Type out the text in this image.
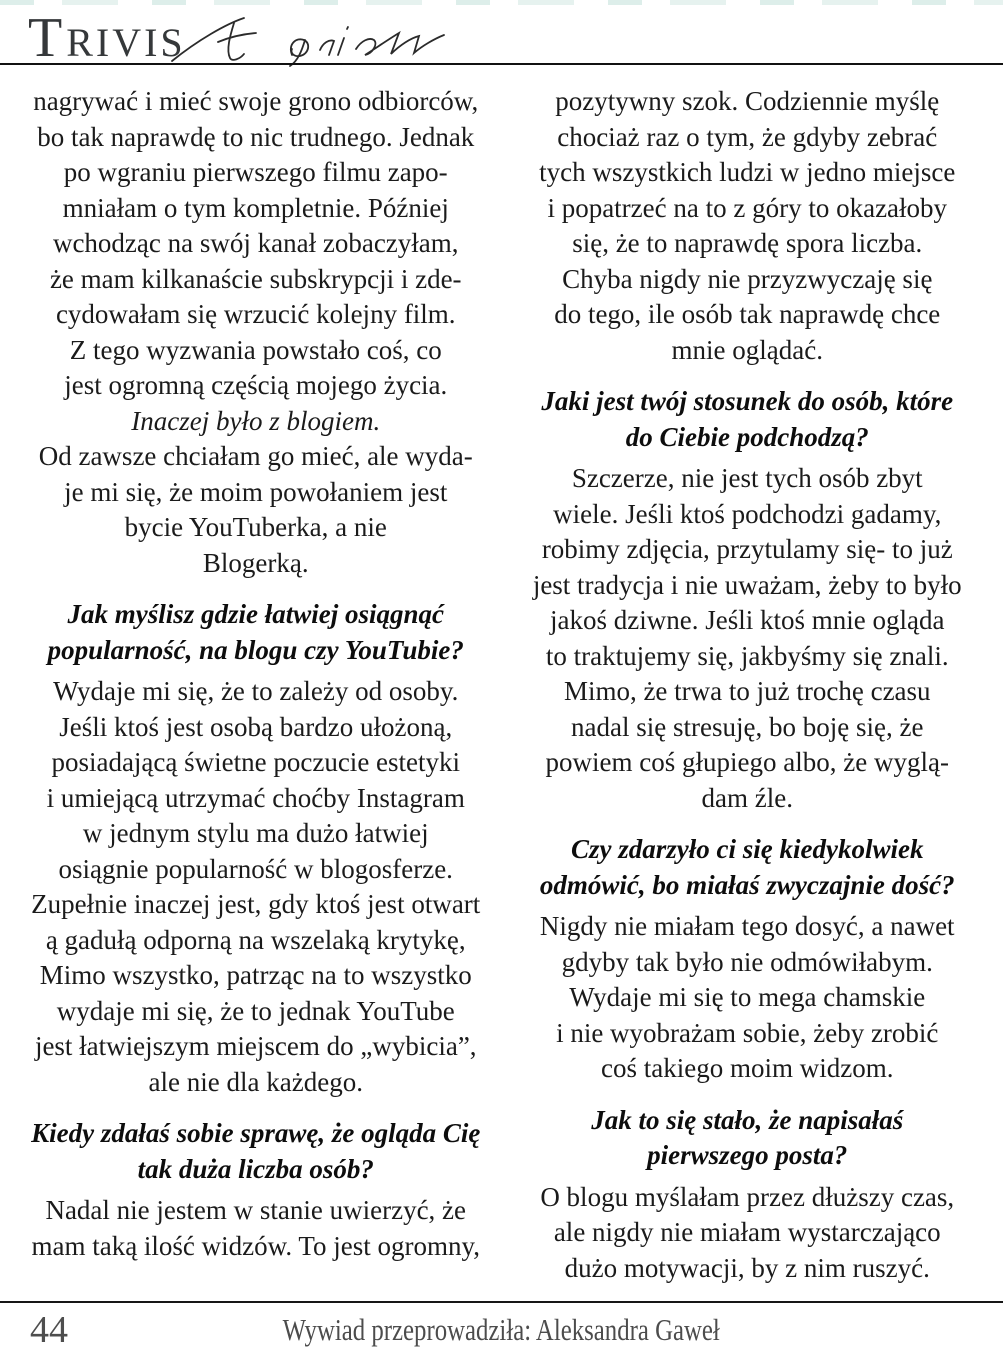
TRIVIS
nagrywać i mieć swoje grono odbiorców,
bo tak naprawdę to nic trudnego. Jednak
po wgraniu pierwszego filmu zapo-
mniałam o tym kompletnie. Później
wchodząc na swój kanał zobaczyłam,
że mam kilkanaście subskrypcji i zde-
cydowałam się wrzucić kolejny film.
Z tego wyzwania powstało coś, co
jest ogromną częścią mojego życia.
Inaczej było z blogiem.
Od zawsze chciałam go mieć, ale wyda-
je mi się, że moim powołaniem jest
bycie YouTuberka, a nie
Blogerką.
Jak myślisz gdzie łatwiej osiągnąć
popularność, na blogu czy YouTubie?
Wydaje mi się, że to zależy od osoby.
Jeśli ktoś jest osobą bardzo ułożoną,
posiadającą świetne poczucie estetyki
i umiejącą utrzymać choćby Instagram
w jednym stylu ma dużo łatwiej
osiągnie popularność w blogosferze.
Zupełnie inaczej jest, gdy ktoś jest otwart
ą gadułą odporną na wszelaką krytykę,
Mimo wszystko, patrząc na to wszystko
wydaje mi się, że to jednak YouTube
jest łatwiejszym miejscem do „wybicia”,
ale nie dla każdego.
Kiedy zdałaś sobie sprawę, że ogląda Cię
tak duża liczba osób?
Nadal nie jestem w stanie uwierzyć, że
mam taką ilość widzów. To jest ogromny,
pozytywny szok. Codziennie myślę
chociaż raz o tym, że gdyby zebrać
tych wszystkich ludzi w jedno miejsce
i popatrzeć na to z góry to okazałoby
się, że to naprawdę spora liczba.
Chyba nigdy nie przyzwyczaję się
do tego, ile osób tak naprawdę chce
mnie oglądać.
Jaki jest twój stosunek do osób, które
do Ciebie podchodzą?
Szczerze, nie jest tych osób zbyt
wiele. Jeśli ktoś podchodzi gadamy,
robimy zdjęcia, przytulamy się- to już
jest tradycja i nie uważam, żeby to było
jakoś dziwne. Jeśli ktoś mnie ogląda
to traktujemy się, jakbyśmy się znali.
Mimo, że trwa to już trochę czasu
nadal się stresuję, bo boję się, że
powiem coś głupiego albo, że wyglą-
dam źle.
Czy zdarzyło ci się kiedykolwiek
odmówić, bo miałaś zwyczajnie dość?
Nigdy nie miałam tego dosyć, a nawet
gdyby tak było nie odmówiłabym.
Wydaje mi się to mega chamskie
i nie wyobrażam sobie, żeby zrobić
coś takiego moim widzom.
Jak to się stało, że napisałaś
pierwszego posta?
O blogu myślałam przez dłuższy czas,
ale nigdy nie miałam wystarczająco
dużo motywacji, by z nim ruszyć.
44	Wywiad przeprowadziła: Aleksandra Gaweł
